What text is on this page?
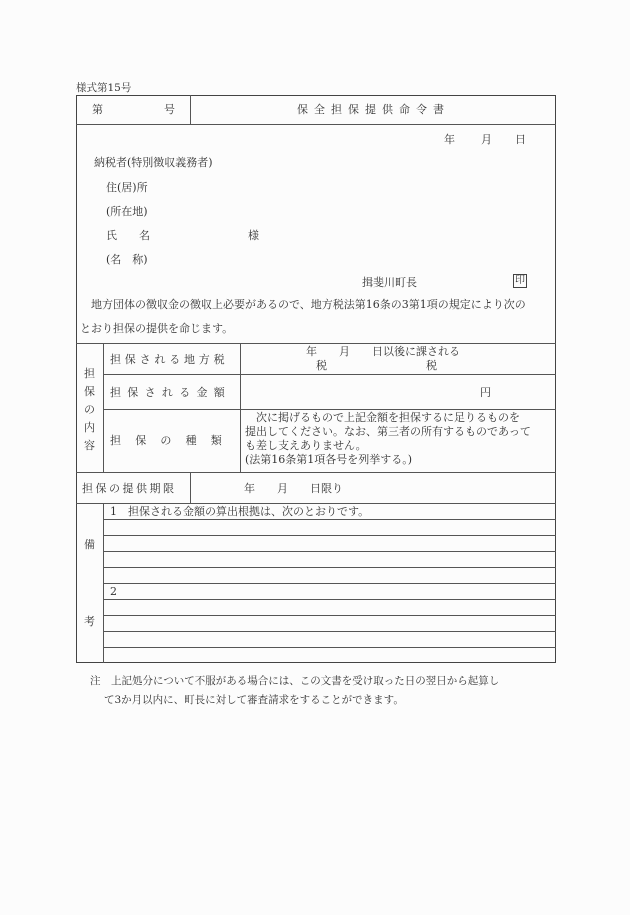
様式第15号
第	号	保全担保提供命令書
年 月 日
納税者(特別徴収義務者)
住(居)所
(所在地)
氏　　名	様
(名　称)
揖斐川町長	印
　地方団体の徴収金の徴収上必要があるので、地方税法第16条の3第1項の規定により次の
とおり担保の提供を命じます。
担
保
の
内
容
担保される地方税
年　　月　　日以後に課される
税　　　　　　　　　税
担保される金額	円
担　保　の　種　類
　次に掲げるもので上記金額を担保するに足りるものを
提出してください。なお、第三者の所有するものであって
も差し支えありません。
(法第16条第1項各号を列挙する。)
担保の提供期限	年　　月　　日限り
備
考
1　担保される金額の算出根拠は、次のとおりです。
2
注　上記処分について不服がある場合には、この文書を受け取った日の翌日から起算し
て3か月以内に、町長に対して審査請求をすることができます。
